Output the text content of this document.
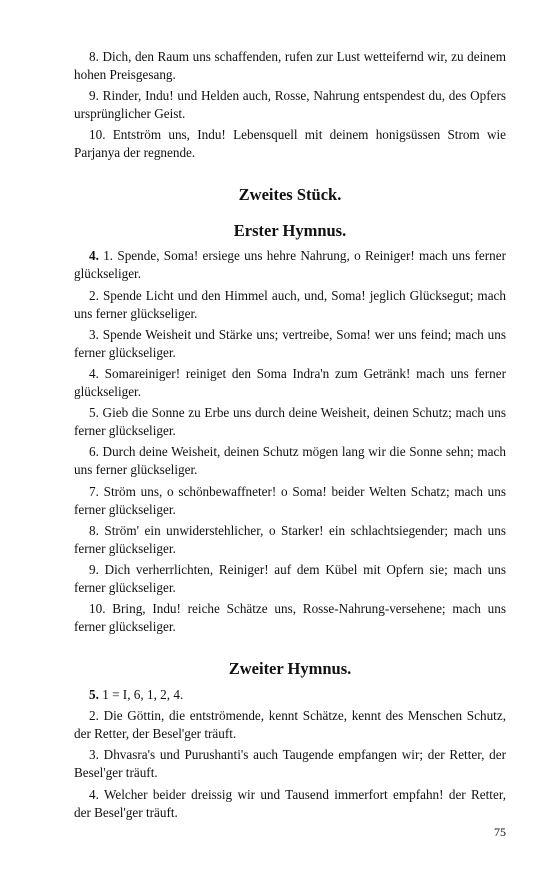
8. Dich, den Raum uns schaffenden, rufen zur Lust wetteifernd wir, zu deinem hohen Preisgesang.

9. Rinder, Indu! und Helden auch, Rosse, Nahrung entspendest du, des Opfers ursprünglicher Geist.

10. Entström uns, Indu! Lebensquell mit deinem honigsüssen Strom wie Parjanya der regnende.

Zweites Stück.
Erster Hymnus.

4. 1. Spende, Soma! ersiege uns hehre Nahrung, o Reiniger! mach uns ferner glückseliger.

2. Spende Licht und den Himmel auch, und, Soma! jeglich Glücksegut; mach uns ferner glückseliger.

3. Spende Weisheit und Stärke uns; vertreibe, Soma! wer uns feind; mach uns ferner glückseliger.

4. Somareiniger! reiniget den Soma Indra'n zum Getränk! mach uns ferner glückseliger.

5. Gieb die Sonne zu Erbe uns durch deine Weisheit, deinen Schutz; mach uns ferner glückseliger.

6. Durch deine Weisheit, deinen Schutz mögen lang wir die Sonne sehn; mach uns ferner glückseliger.

7. Ström uns, o schönbewaffneter! o Soma! beider Welten Schatz; mach uns ferner glückseliger.

8. Ström' ein unwiderstehlicher, o Starker! ein schlachtsiegender; mach uns ferner glückseliger.

9. Dich verherrlichten, Reiniger! auf dem Kübel mit Opfern sie; mach uns ferner glückseliger.

10. Bring, Indu! reiche Schätze uns, Rosse-Nahrung-versehene; mach uns ferner glückseliger.

Zweiter Hymnus.

5. 1 = I, 6, 1, 2, 4.

2. Die Göttin, die entströmende, kennt Schätze, kennt des Menschen Schutz, der Retter, der Besel'ger träuft.

3. Dhvasra's und Purushanti's auch Taugende empfangen wir; der Retter, der Besel'ger träuft.

4. Welcher beider dreissig wir und Tausend immerfort empfahn! der Retter, der Besel'ger träuft.

75
